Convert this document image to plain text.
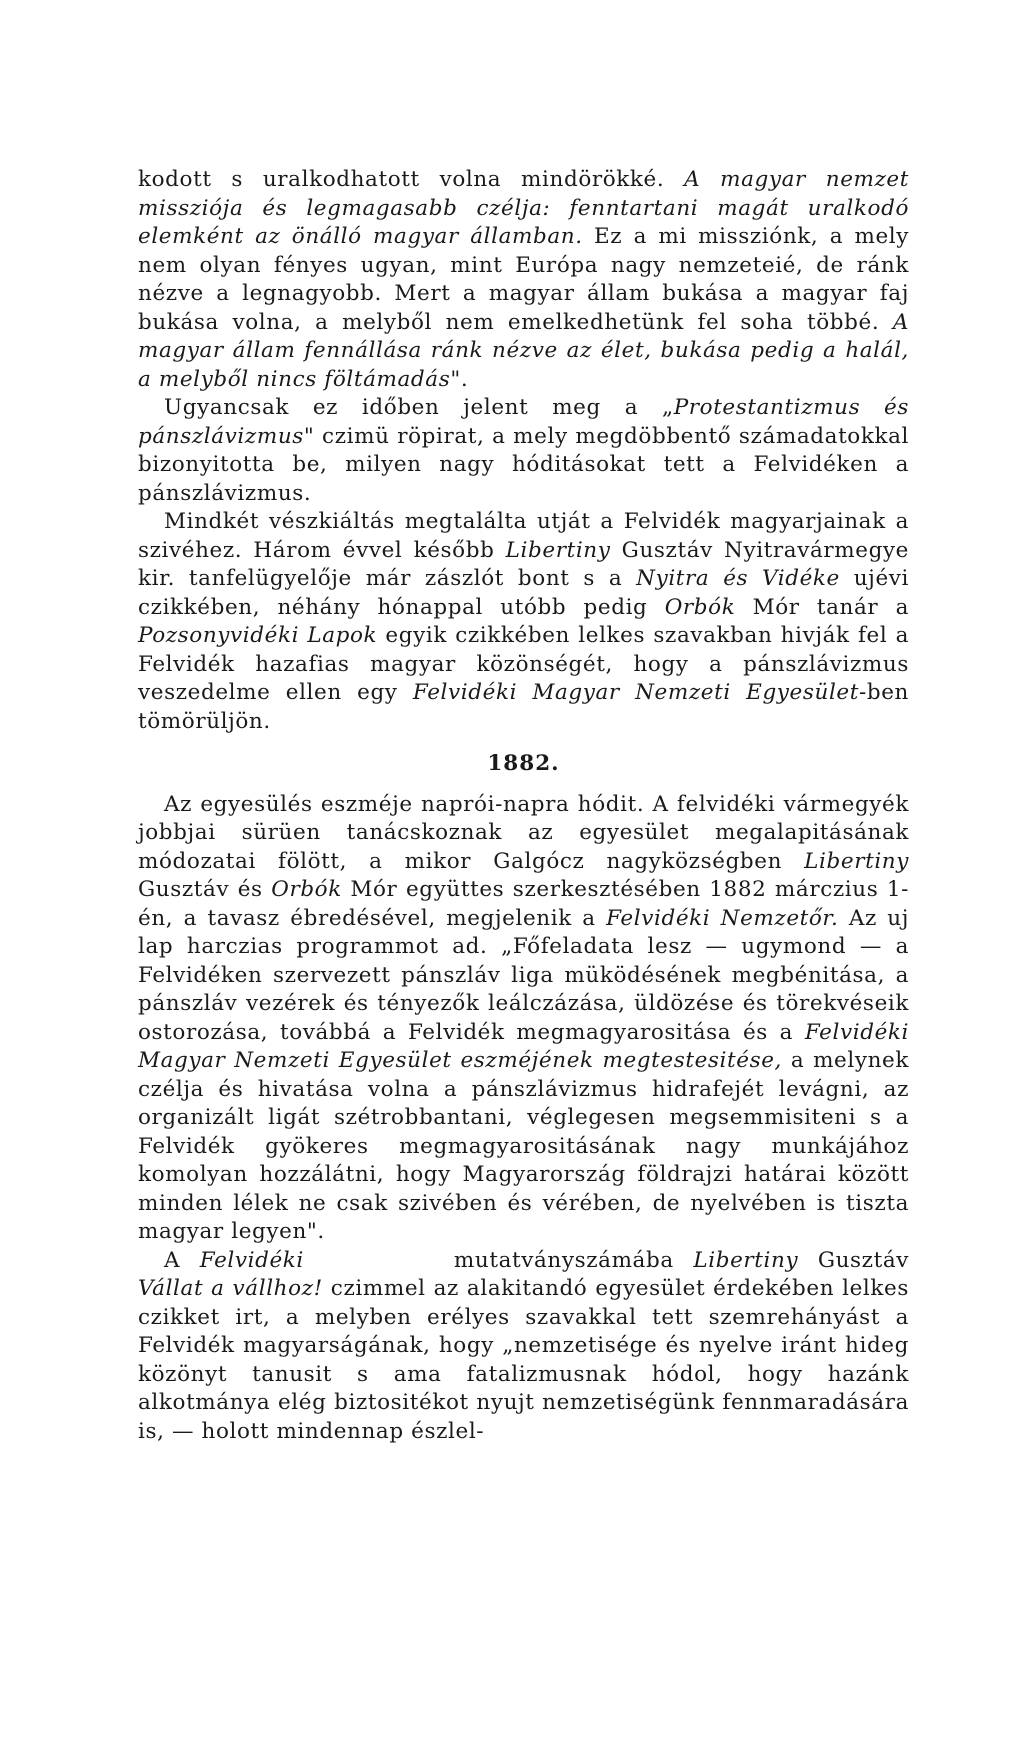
kodott s uralkodhatott volna mindörökké. A magyar nemzet missziója és legmagasabb czélja: fenntartani magát uralkodó elemként az önálló magyar államban. Ez a mi missziónk, a mely nem olyan fényes ugyan, mint Európa nagy nemzeteié, de ránk nézve a legnagyobb. Mert a magyar állam bukása a magyar faj bukása volna, a melyből nem emelkedhetünk fel soha többé. A magyar állam fennállása ránk nézve az élet, bukása pedig a halál, a melyből nincs föltámadás".

Ugyancsak ez időben jelent meg a „Protestantizmus és pánszlávizmus" czimü röpirat, a mely megdöbbentő számadatokkal bizonyitotta be, milyen nagy hóditásokat tett a Felvidéken a pánszlávizmus.

Mindkét vészkiáltás megtalálta utját a Felvidék magyarjainak a szivéhez. Három évvel később Libertiny Gusztáv Nyitravármegye kir. tanfelügyelője már zászlót bont s a Nyitra és Vidéke ujévi czikkében, néhány hónappal utóbb pedig Orbók Mór tanár a Pozsonyvidéki Lapok egyik czikkében lelkes szavakban hivják fel a Felvidék hazafias magyar közönségét, hogy a pánszlávizmus veszedelme ellen egy Felvidéki Magyar Nemzeti Egyesület-ben tömörüljön.

1882.

Az egyesülés eszméje naprói-napra hódit. A felvidéki vármegyék jobbjai sürüen tanácskoznak az egyesület megalapitásának módozatai fölött, a mikor Galgócz nagyközségben Libertiny Gusztáv és Orbók Mór együttes szerkesztésében 1882 márczius 1-én, a tavasz ébredésével, megjelenik a Felvidéki Nemzetőr. Az uj lap harczias programmot ad. „Főfeladata lesz — ugymond — a Felvidéken szervezett pánszláv liga müködésének megbénitása, a pánszláv vezérek és tényezők leálczázása, üldözése és törekvéseik ostorozása, továbbá a Felvidék megmagyarositása és a Felvidéki Magyar Nemzeti Egyesület eszméjének megtestesitése, a melynek czélja és hivatása volna a pánszlávizmus hidrafejét levágni, az organizált ligát szétrobbantani, véglegesen megsemmisiteni s a Felvidék gyökeres megmagyarositásának nagy munkájához komolyan hozzálátni, hogy Magyarország földrajzi határai között minden lélek ne csak szivében és vérében, de nyelvében is tiszta magyar legyen".

A Felvidéki	mutatványszámába Libertiny Gusztáv Vállat a vállhoz! czimmel az alakitandó egyesület érdekében lelkes czikket irt, a melyben erélyes szavakkal tett szemrehányást a Felvidék magyarságának, hogy „nemzetisége és nyelve iránt hideg közönyt tanusit s ama fatalizmusnak hódol, hogy hazánk alkotmánya elég biztositékot nyujt nemzetiségünk fennmaradására is, — holott mindennap észlel-
